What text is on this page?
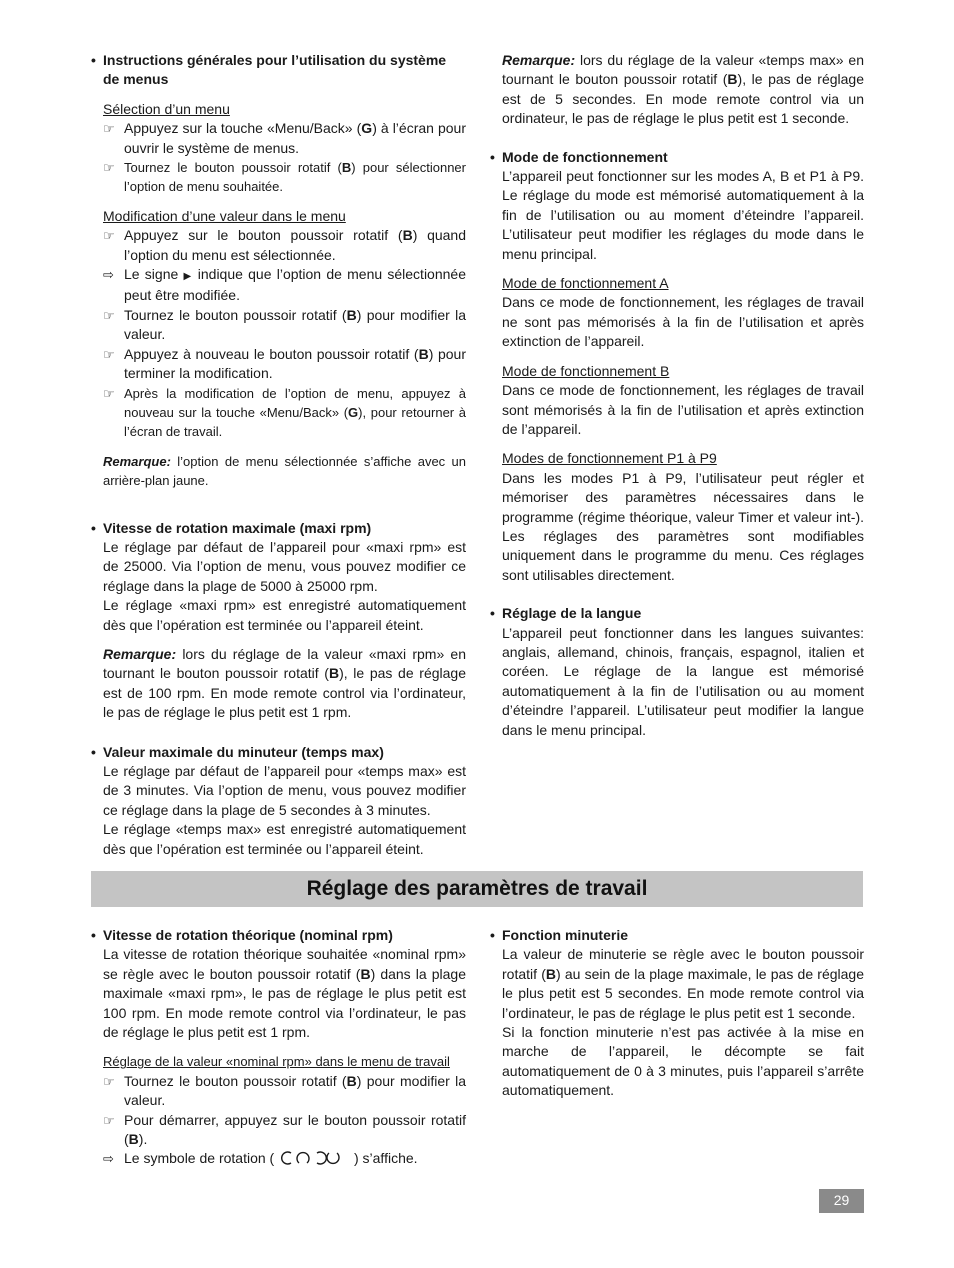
• Instructions générales pour l’utilisation du système de menus
Sélection d’un menu
☞ Appuyez sur la touche «Menu/Back» (G) à l’écran pour ouvrir le système de menus.
☞ Tournez le bouton poussoir rotatif (B) pour sélectionner l’option de menu souhaitée.
Modification d’une valeur dans le menu
☞ Appuyez sur le bouton poussoir rotatif (B) quand l’option du menu est sélectionnée.
⇨ Le signe ▶ indique que l’option de menu sélectionnée peut être modifiée.
☞ Tournez le bouton poussoir rotatif (B) pour modifier la valeur.
☞ Appuyez à nouveau le bouton poussoir rotatif (B) pour terminer la modification.
☞ Après la modification de l’option de menu, appuyez à nouveau sur la touche «Menu/Back» (G), pour retourner à l’écran de travail.

Remarque: l’option de menu sélectionnée s’affiche avec un arrière-plan jaune.

• Vitesse de rotation maximale (maxi rpm)

Le réglage par défaut de l’appareil pour «maxi rpm» est de 25000. Via l’option de menu, vous pouvez modifier ce réglage dans la plage de 5000 à 25000 rpm.

Le réglage «maxi rpm» est enregistré automatiquement dès que l’opération est terminée ou l’appareil éteint.

Remarque: lors du réglage de la valeur «maxi rpm» en tournant le bouton poussoir rotatif (B), le pas de réglage est de 100 rpm. En mode remote control via l’ordinateur, le pas de réglage le plus petit est 1 rpm.

• Valeur maximale du minuteur (temps max)

Le réglage par défaut de l’appareil pour «temps max» est de 3 minutes. Via l’option de menu, vous pouvez modifier ce réglage dans la plage de 5 secondes à 3 minutes.

Le réglage «temps max» est enregistré automatiquement dès que l’opération est terminée ou l’appareil éteint.

Remarque: lors du réglage de la valeur «temps max» en tournant le bouton poussoir rotatif (B), le pas de réglage est de 5 secondes. En mode remote control via un ordinateur, le pas de réglage le plus petit est 1 seconde.

• Mode de fonctionnement

L’appareil peut fonctionner sur les modes A, B et P1 à P9. Le réglage du mode est mémorisé automatiquement à la fin de l’utilisation ou au moment d’éteindre l’appareil. L’utilisateur peut modifier les réglages du mode dans le menu principal.

Mode de fonctionnement A

Dans ce mode de fonctionnement, les réglages de travail ne sont pas mémorisés à la fin de l’utilisation et après extinction de l’appareil.

Mode de fonctionnement B

Dans ce mode de fonctionnement, les réglages de travail sont mémorisés à la fin de l’utilisation et après extinction de l’appareil.

Modes de fonctionnement P1 à P9

Dans les modes P1 à P9, l’utilisateur peut régler et mémoriser des paramètres nécessaires dans le programme (régime théorique, valeur Timer et valeur int-). Les réglages des paramètres sont modifiables uniquement dans le programme du menu. Ces réglages sont utilisables directement.

• Réglage de la langue

L’appareil peut fonctionner dans les langues suivantes: anglais, allemand, chinois, français, espagnol, italien et coréen. Le réglage de la langue est mémorisé automatiquement à la fin de l’utilisation ou au moment d’éteindre l’appareil. L’utilisateur peut modifier la langue dans le menu principal.

Réglage des paramètres de travail
• Vitesse de rotation théorique (nominal rpm)

La vitesse de rotation théorique souhaitée «nominal rpm» se règle avec le bouton poussoir rotatif (B) dans la plage maximale «maxi rpm», le pas de réglage le plus petit est 100 rpm. En mode remote control via l’ordinateur, le pas de réglage le plus petit est 1 rpm.

Réglage de la valeur «nominal rpm» dans le menu de travail
☞ Tournez le bouton poussoir rotatif (B) pour modifier la valeur.
☞ Pour démarrer, appuyez sur le bouton poussoir rotatif (B).
⇨ Le symbole de rotation (	) s’affiche.
• Fonction minuterie

La valeur de minuterie se règle avec le bouton poussoir rotatif (B) au sein de la plage maximale, le pas de réglage le plus petit est 5 secondes. En mode remote control via l’ordinateur, le pas de réglage le plus petit est 1 seconde.

Si la fonction minuterie n’est pas activée à la mise en marche de l’appareil, le décompte se fait automatiquement de 0 à 3 minutes, puis l’appareil s’arrête automatiquement.

29
